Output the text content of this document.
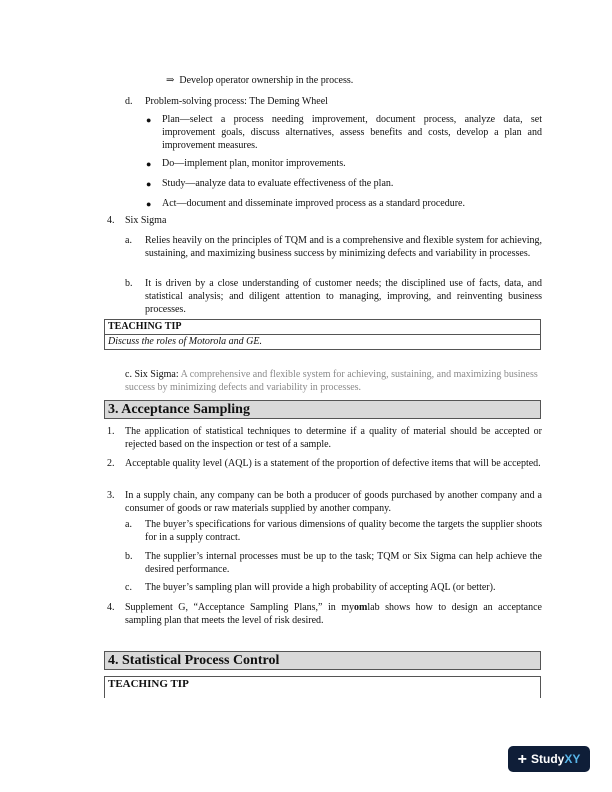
⇒ Develop operator ownership in the process.
d. Problem-solving process: The Deming Wheel
● Plan—select a process needing improvement, document process, analyze data, set improvement goals, discuss alternatives, assess benefits and costs, develop a plan and improvement measures.
● Do—implement plan, monitor improvements.
● Study—analyze data to evaluate effectiveness of the plan.
● Act—document and disseminate improved process as a standard procedure.
4. Six Sigma
a. Relies heavily on the principles of TQM and is a comprehensive and flexible system for achieving, sustaining, and maximizing business success by minimizing defects and variability in processes.
b. It is driven by a close understanding of customer needs; the disciplined use of facts, data, and statistical analysis; and diligent attention to managing, improving, and reinventing business processes.
TEACHING TIP
Discuss the roles of Motorola and GE.
c. Six Sigma: A comprehensive and flexible system for achieving, sustaining, and maximizing business success by minimizing defects and variability in processes.
3. Acceptance Sampling
1. The application of statistical techniques to determine if a quality of material should be accepted or rejected based on the inspection or test of a sample.
2. Acceptable quality level (AQL) is a statement of the proportion of defective items that will be accepted.
3. In a supply chain, any company can be both a producer of goods purchased by another company and a consumer of goods or raw materials supplied by another company.
a. The buyer’s specifications for various dimensions of quality become the targets the supplier shoots for in a supply contract.
b. The supplier’s internal processes must be up to the task; TQM or Six Sigma can help achieve the desired performance.
c. The buyer’s sampling plan will provide a high probability of accepting AQL (or better).
4. Supplement G, “Acceptance Sampling Plans,” in myomlab shows how to design an acceptance sampling plan that meets the level of risk desired.
4. Statistical Process Control
TEACHING TIP
+ StudyXY
